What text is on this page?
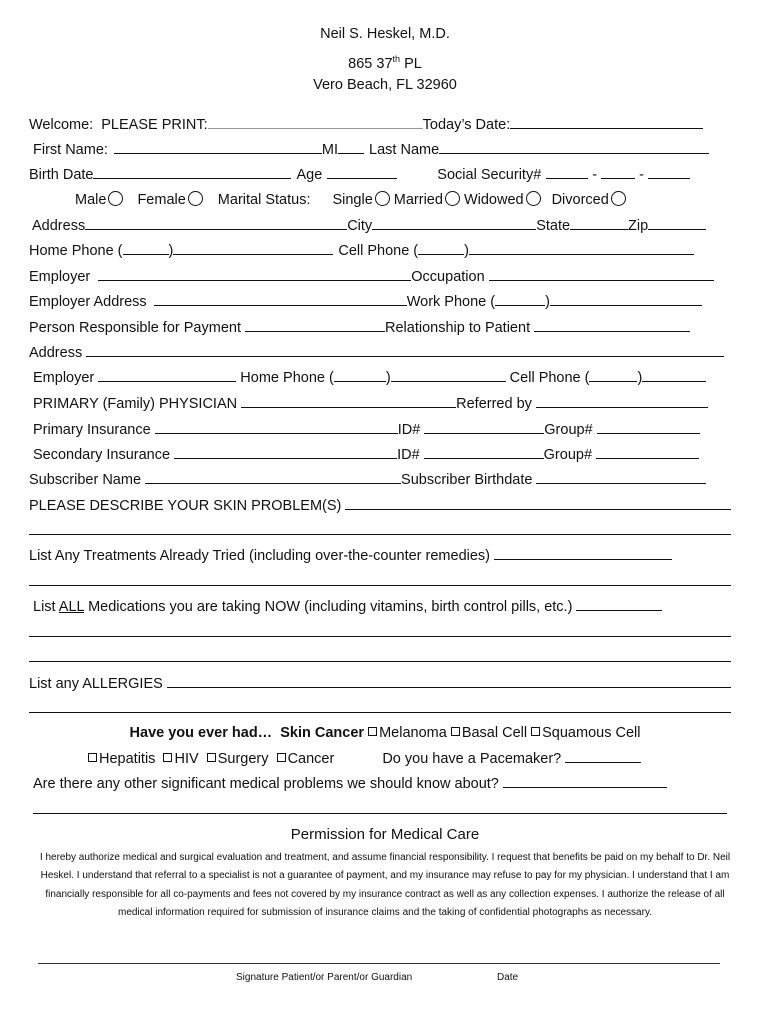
Neil S. Heskel, M.D.
865 37th PL
Vero Beach, FL 32960
Welcome:  PLEASE PRINT:	Today’s Date:
First Name:	MI Last Name
Birth Date	Age	Social Security#	-  -
Male Female Marital Status: Single Married Widowed Divorced
Address	City	State	Zip
Home Phone (	)	Cell Phone (	)
Employer	Occupation
Employer Address	Work Phone (	)
Person Responsible for Payment	Relationship to Patient
Address
Employer	Home Phone (	)	Cell Phone (	)
PRIMARY (Family) PHYSICIAN	Referred by
Primary Insurance	ID#	Group#
Secondary Insurance	ID#	Group#
Subscriber Name	Subscriber Birthdate
PLEASE DESCRIBE YOUR SKIN PROBLEM(S)
List Any Treatments Already Tried (including over-the-counter remedies)
List ALL Medications you are taking NOW (including vitamins, birth control pills, etc.)
List any ALLERGIES
Have you ever had…  Skin Cancer Melanoma Basal Cell Squamous Cell
Hepatitis  HIV  Surgery  Cancer	Do you have a Pacemaker?
Are there any other significant medical problems we should know about?
Permission for Medical Care
I hereby authorize medical and surgical evaluation and treatment, and assume financial responsibility. I request that benefits be paid on my behalf to Dr. Neil Heskel. I understand that referral to a specialist is not a guarantee of payment, and my insurance may refuse to pay for my physician. I understand that I am financially responsible for all co-payments and fees not covered by my insurance contract as well as any collection expenses. I authorize the release of all medical information required for submission of insurance claims and the taking of confidential photographs as necessary.
Signature Patient/or Parent/or Guardian	Date
